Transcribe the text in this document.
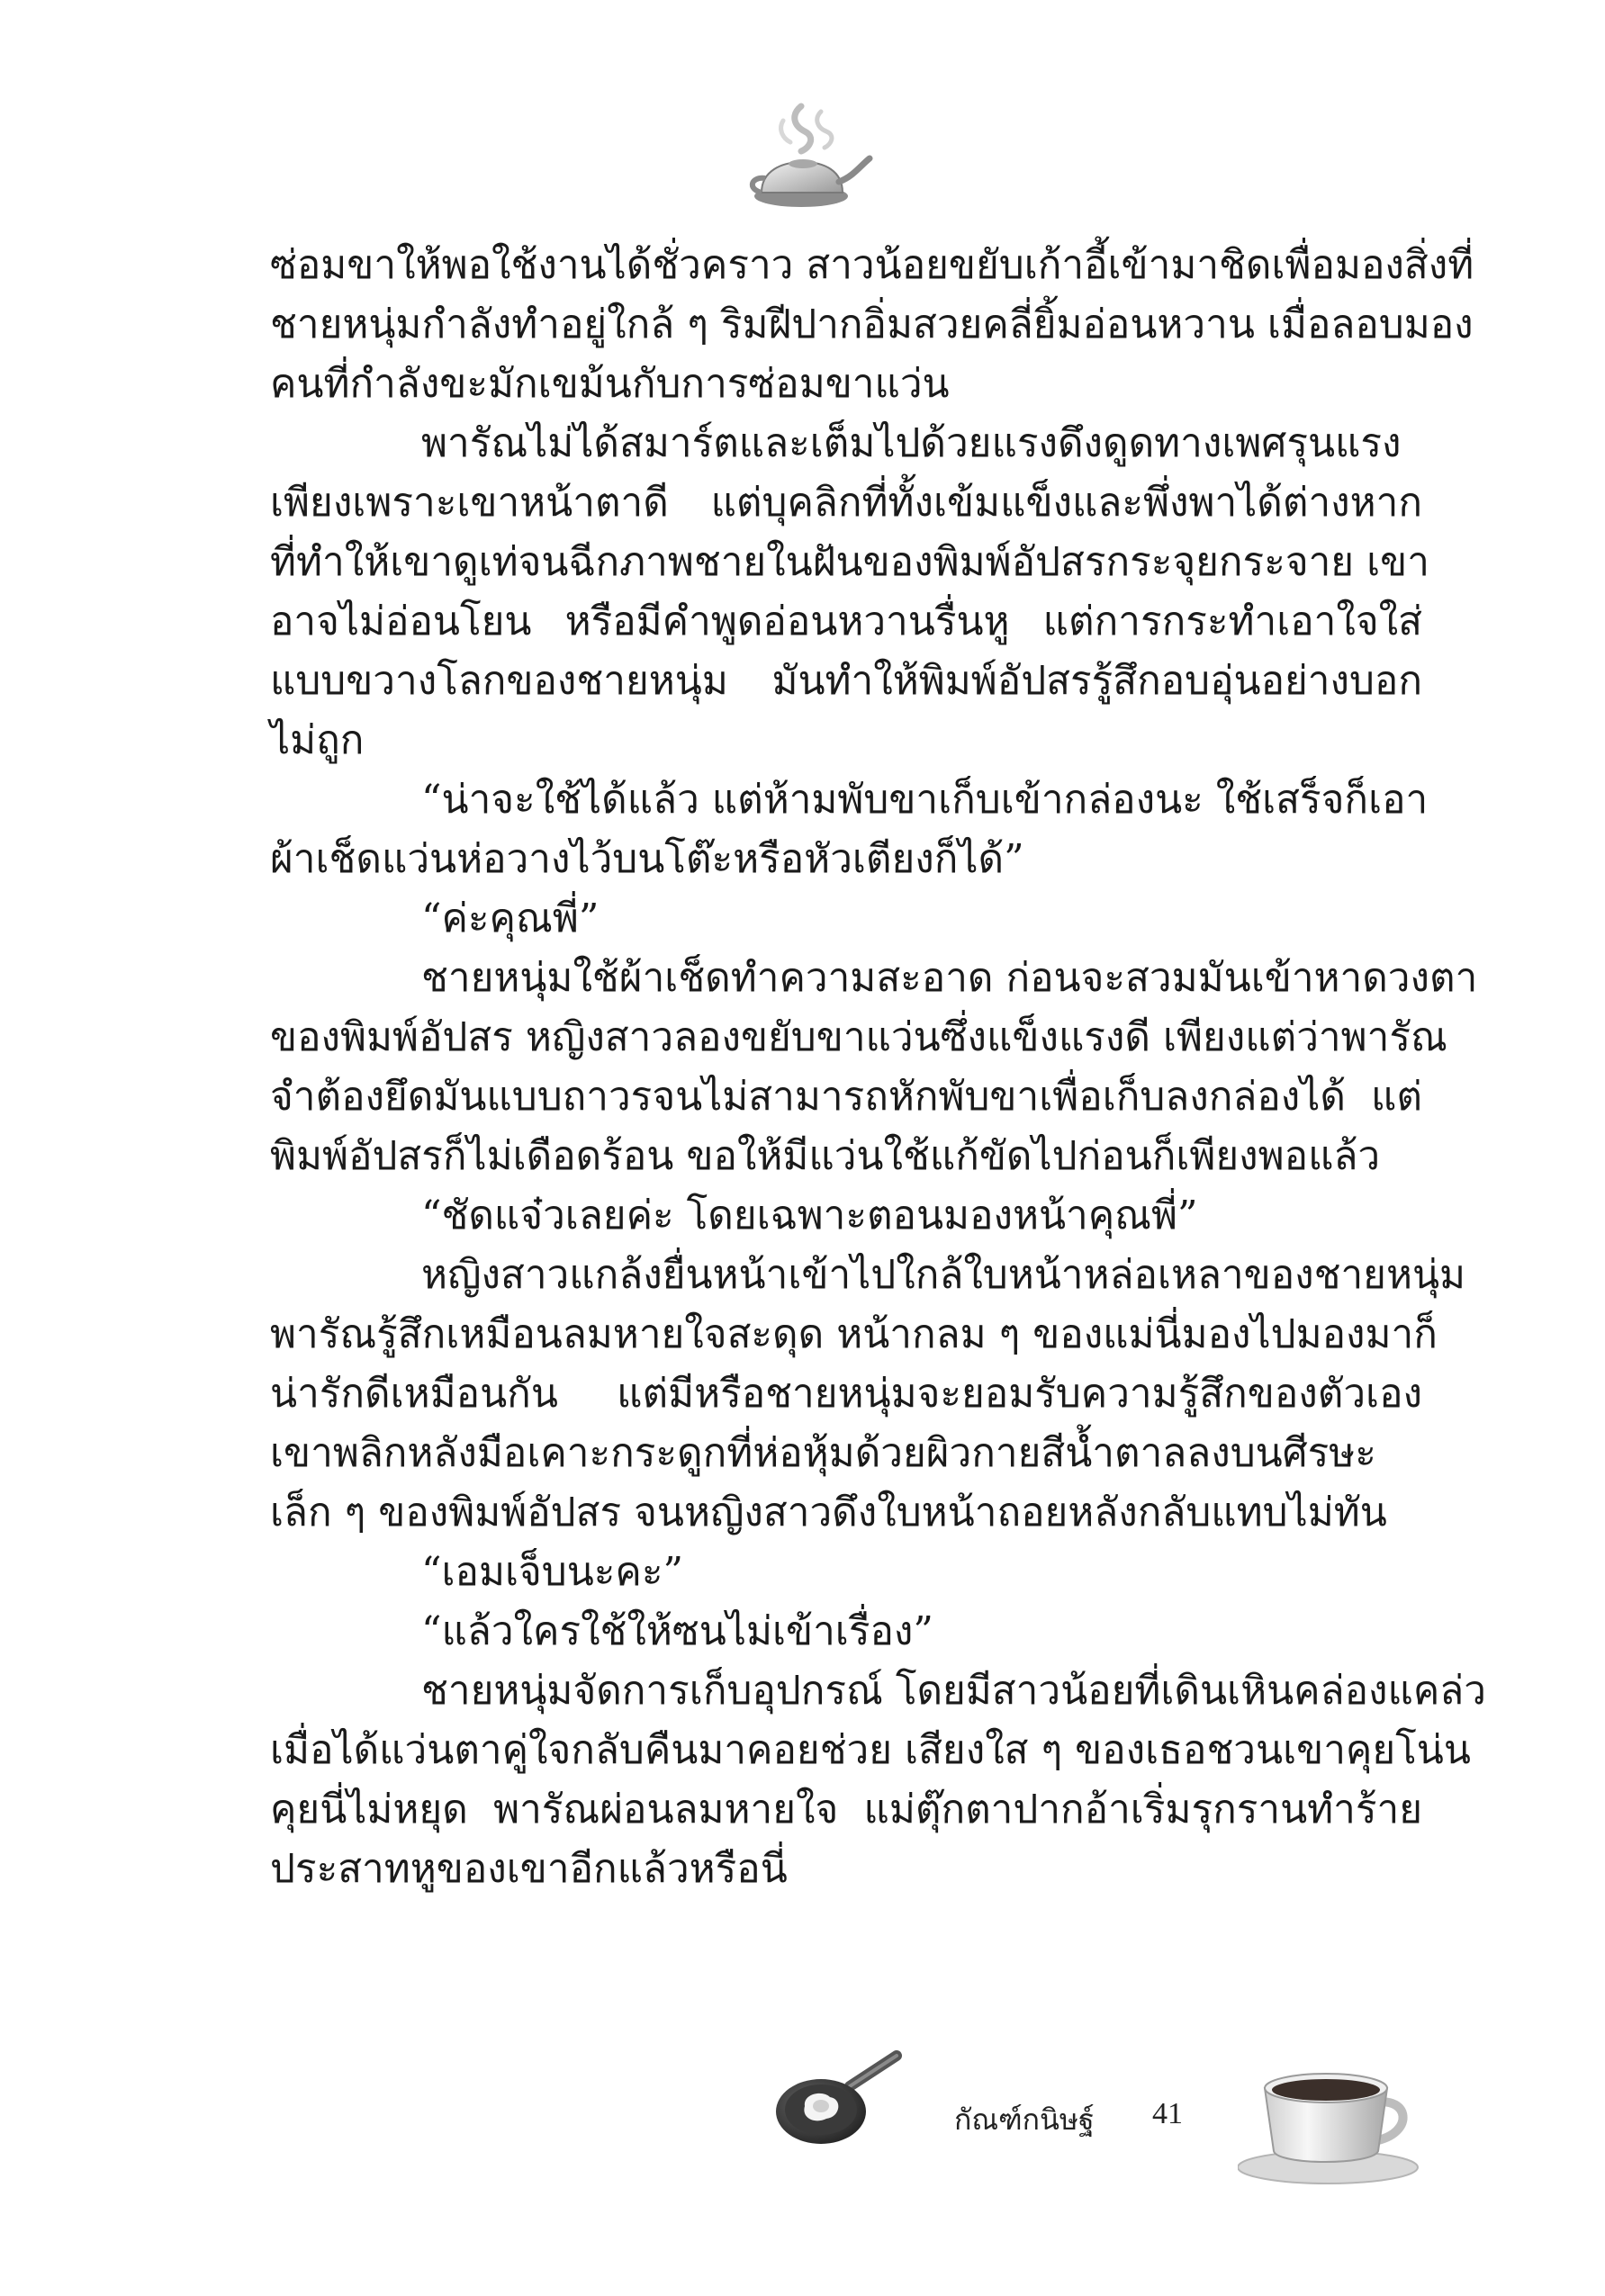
ซ่อมขาให้พอใช้งานได้ชั่วคราว สาวน้อยขยับเก้าอี้เข้ามาชิดเพื่อมองสิ่งที่
ชายหนุ่มกำลังทำอยู่ใกล้ ๆ ริมฝีปากอิ่มสวยคลี่ยิ้มอ่อนหวาน เมื่อลอบมอง
คนที่กำลังขะมักเขม้นกับการซ่อมขาแว่น
พารัณไม่ได้สมาร์ตและเต็มไปด้วยแรงดึงดูดทางเพศรุนแรง
เพียงเพราะเขาหน้าตาดี แต่บุคลิกที่ทั้งเข้มแข็งและพึ่งพาได้ต่างหาก
ที่ทำให้เขาดูเท่จนฉีกภาพชายในฝันของพิมพ์อัปสรกระจุยกระจาย เขา
อาจไม่อ่อนโยน หรือมีคำพูดอ่อนหวานรื่นหู แต่การกระทำเอาใจใส่
แบบขวางโลกของชายหนุ่ม มันทำให้พิมพ์อัปสรรู้สึกอบอุ่นอย่างบอก
ไม่ถูก
“น่าจะใช้ได้แล้ว แต่ห้ามพับขาเก็บเข้ากล่องนะ ใช้เสร็จก็เอา
ผ้าเช็ดแว่นห่อวางไว้บนโต๊ะหรือหัวเตียงก็ได้”
“ค่ะคุณพี่”
ชายหนุ่มใช้ผ้าเช็ดทำความสะอาด ก่อนจะสวมมันเข้าหาดวงตา
ของพิมพ์อัปสร หญิงสาวลองขยับขาแว่นซึ่งแข็งแรงดี เพียงแต่ว่าพารัณ
จำต้องยึดมันแบบถาวรจนไม่สามารถหักพับขาเพื่อเก็บลงกล่องได้ แต่
พิมพ์อัปสรก็ไม่เดือดร้อน ขอให้มีแว่นใช้แก้ขัดไปก่อนก็เพียงพอแล้ว
“ชัดแจ๋วเลยค่ะ โดยเฉพาะตอนมองหน้าคุณพี่”
หญิงสาวแกล้งยื่นหน้าเข้าไปใกล้ใบหน้าหล่อเหลาของชายหนุ่ม
พารัณรู้สึกเหมือนลมหายใจสะดุด หน้ากลม ๆ ของแม่นี่มองไปมองมาก็
น่ารักดีเหมือนกัน แต่มีหรือชายหนุ่มจะยอมรับความรู้สึกของตัวเอง
เขาพลิกหลังมือเคาะกระดูกที่ห่อหุ้มด้วยผิวกายสีน้ำตาลลงบนศีรษะ
เล็ก ๆ ของพิมพ์อัปสร จนหญิงสาวดึงใบหน้าถอยหลังกลับแทบไม่ทัน
“เอมเจ็บนะคะ”
“แล้วใครใช้ให้ซนไม่เข้าเรื่อง”
ชายหนุ่มจัดการเก็บอุปกรณ์ โดยมีสาวน้อยที่เดินเหินคล่องแคล่ว
เมื่อได้แว่นตาคู่ใจกลับคืนมาคอยช่วย เสียงใส ๆ ของเธอชวนเขาคุยโน่น
คุยนี่ไม่หยุด พารัณผ่อนลมหายใจ แม่ตุ๊กตาปากอ้าเริ่มรุกรานทำร้าย
ประสาทหูของเขาอีกแล้วหรือนี่
กัณฑ์กนิษฐ์ 41
